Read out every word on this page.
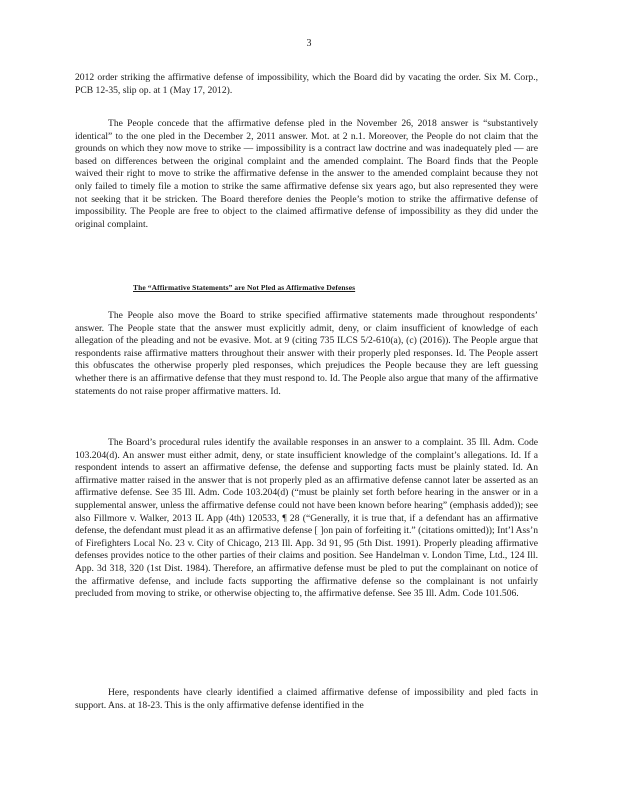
3

2012 order striking the affirmative defense of impossibility, which the Board did by vacating the order. Six M. Corp., PCB 12-35, slip op. at 1 (May 17, 2012).

The People concede that the affirmative defense pled in the November 26, 2018 answer is “substantively identical” to the one pled in the December 2, 2011 answer. Mot. at 2 n.1. Moreover, the People do not claim that the grounds on which they now move to strike — impossibility is a contract law doctrine and was inadequately pled — are based on differences between the original complaint and the amended complaint. The Board finds that the People waived their right to move to strike the affirmative defense in the answer to the amended complaint because they not only failed to timely file a motion to strike the same affirmative defense six years ago, but also represented they were not seeking that it be stricken. The Board therefore denies the People’s motion to strike the affirmative defense of impossibility. The People are free to object to the claimed affirmative defense of impossibility as they did under the original complaint.

The “Affirmative Statements” are Not Pled as Affirmative Defenses

The People also move the Board to strike specified affirmative statements made throughout respondents’ answer. The People state that the answer must explicitly admit, deny, or claim insufficient of knowledge of each allegation of the pleading and not be evasive. Mot. at 9 (citing 735 ILCS 5/2-610(a), (c) (2016)). The People argue that respondents raise affirmative matters throughout their answer with their properly pled responses. Id. The People assert this obfuscates the otherwise properly pled responses, which prejudices the People because they are left guessing whether there is an affirmative defense that they must respond to. Id. The People also argue that many of the affirmative statements do not raise proper affirmative matters. Id.

The Board’s procedural rules identify the available responses in an answer to a complaint. 35 Ill. Adm. Code 103.204(d). An answer must either admit, deny, or state insufficient knowledge of the complaint’s allegations. Id. If a respondent intends to assert an affirmative defense, the defense and supporting facts must be plainly stated. Id. An affirmative matter raised in the answer that is not properly pled as an affirmative defense cannot later be asserted as an affirmative defense. See 35 Ill. Adm. Code 103.204(d) (“must be plainly set forth before hearing in the answer or in a supplemental answer, unless the affirmative defense could not have been known before hearing” (emphasis added)); see also Fillmore v. Walker, 2013 IL App (4th) 120533, ¶ 28 (“Generally, it is true that, if a defendant has an affirmative defense, the defendant must plead it as an affirmative defense [ ]on pain of forfeiting it.” (citations omitted)); Int’l Ass’n of Firefighters Local No. 23 v. City of Chicago, 213 Ill. App. 3d 91, 95 (5th Dist. 1991). Properly pleading affirmative defenses provides notice to the other parties of their claims and position. See Handelman v. London Time, Ltd., 124 Ill. App. 3d 318, 320 (1st Dist. 1984). Therefore, an affirmative defense must be pled to put the complainant on notice of the affirmative defense, and include facts supporting the affirmative defense so the complainant is not unfairly precluded from moving to strike, or otherwise objecting to, the affirmative defense. See 35 Ill. Adm. Code 101.506.

Here, respondents have clearly identified a claimed affirmative defense of impossibility and pled facts in support. Ans. at 18-23. This is the only affirmative defense identified in the
